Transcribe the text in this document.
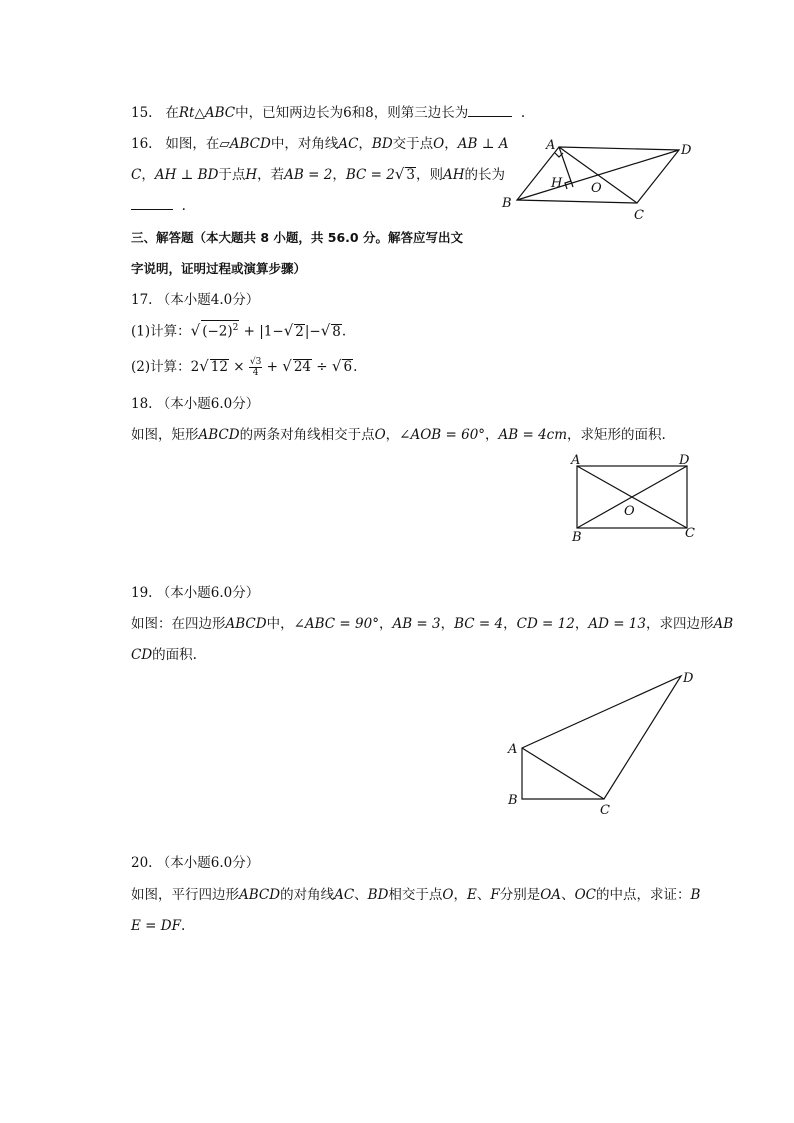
15. 在Rt△ABC中，已知两边长为6和8，则第三边长为	.
16. 如图，在▱ABCD中，对角线AC，BD交于点O，AB ⊥ A
C，AH ⊥ BD于点H，若AB = 2，BC = 2√ 3，则AH的长为
.
A	D
B
C
H O
三、解答题（本大题共 8 小题，共 56.0 分。解答应写出文
字说明，证明过程或演算步骤）
17. （本小题4.0分）
(1)计算：√ $(-2)^2 + |1-√$ 2|−√ 8.
(2)计算：2√ $12 \times \frac{√3}{4}$ + √ 24 ÷ √ 6.
18. （本小题6.0分）
如图，矩形ABCD的两条对角线相交于点O，∠AOB = 60°，AB = 4cm，求矩形的面积.
A	D
B	C
O
19. （本小题6.0分）
如图：在四边形ABCD中，∠ABC = 90°，AB = 3，BC = 4，CD = 12，AD = 13，求四边形AB
CD的面积.
A
B
C
D
20. （本小题6.0分）
如图，平行四边形ABCD的对角线AC、BD相交于点O，E、F分别是OA、OC的中点，求证：B
E = DF.
